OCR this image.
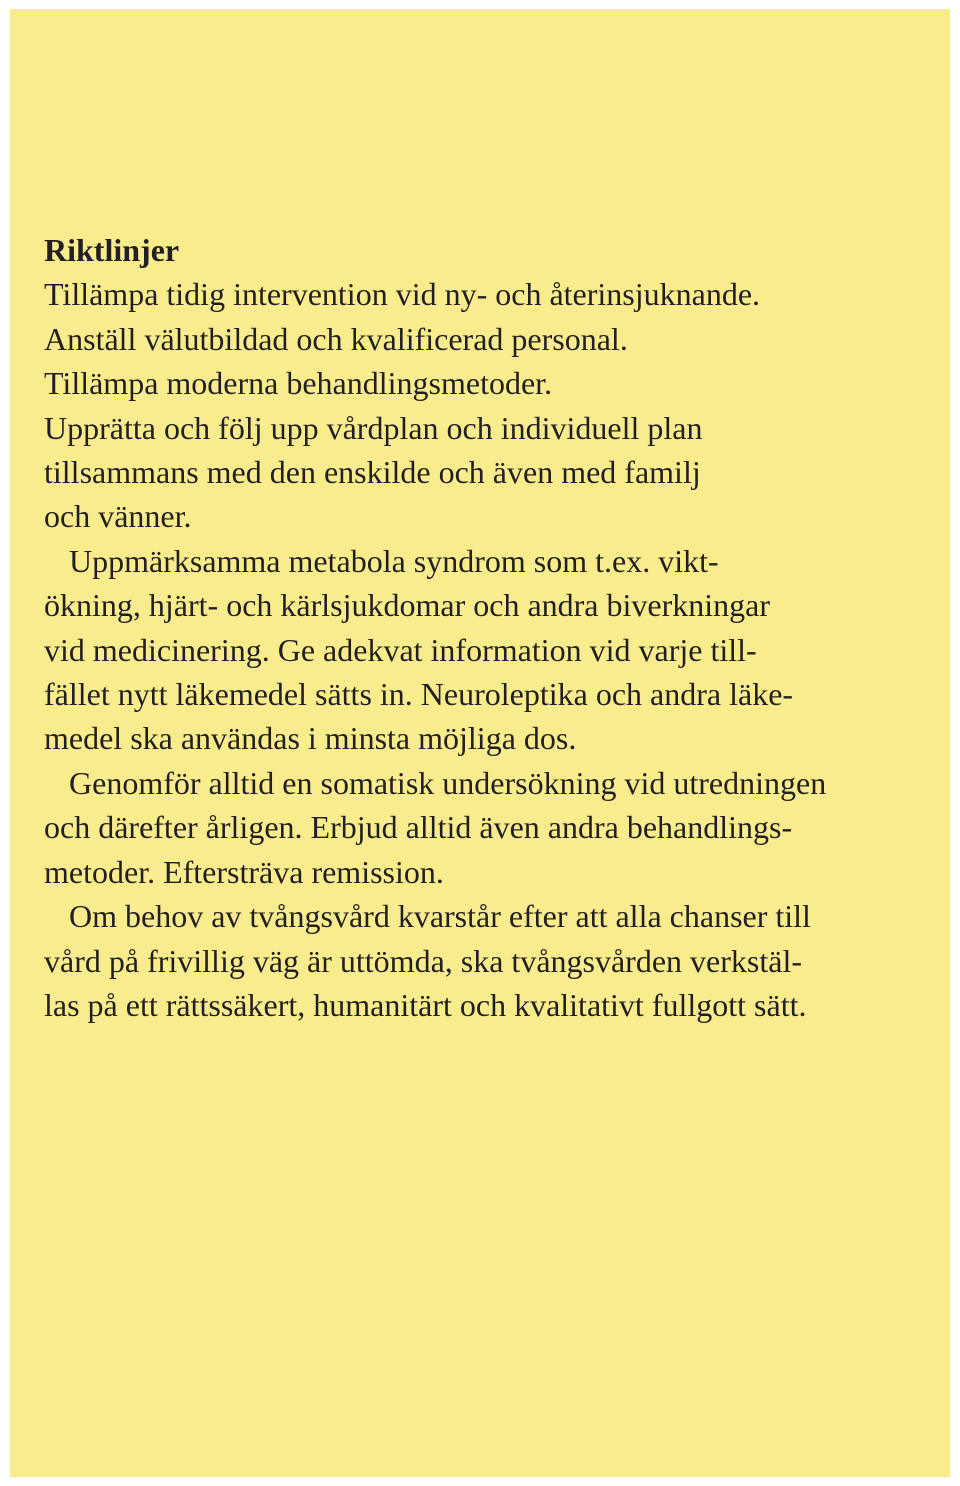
Riktlinjer
Tillämpa tidig intervention vid ny- och återinsjuknande.
Anställ välutbildad och kvalificerad personal.
Tillämpa moderna behandlingsmetoder.
Upprätta och följ upp vårdplan och individuell plan
tillsammans med den enskilde och även med familj
och vänner.
Uppmärksamma metabola syndrom som t.ex. vikt-
ökning, hjärt- och kärlsjukdomar och andra biverkningar
vid medicinering. Ge adekvat information vid varje till-
fället nytt läkemedel sätts in. Neuroleptika och andra läke-
medel ska användas i minsta möjliga dos.
Genomför alltid en somatisk undersökning vid utredningen
och därefter årligen. Erbjud alltid även andra behandlings-
metoder. Eftersträva remission.
Om behov av tvångsvård kvarstår efter att alla chanser till
vård på frivillig väg är uttömda, ska tvångsvården verkstäl-
las på ett rättssäkert, humanitärt och kvalitativt fullgott sätt.
